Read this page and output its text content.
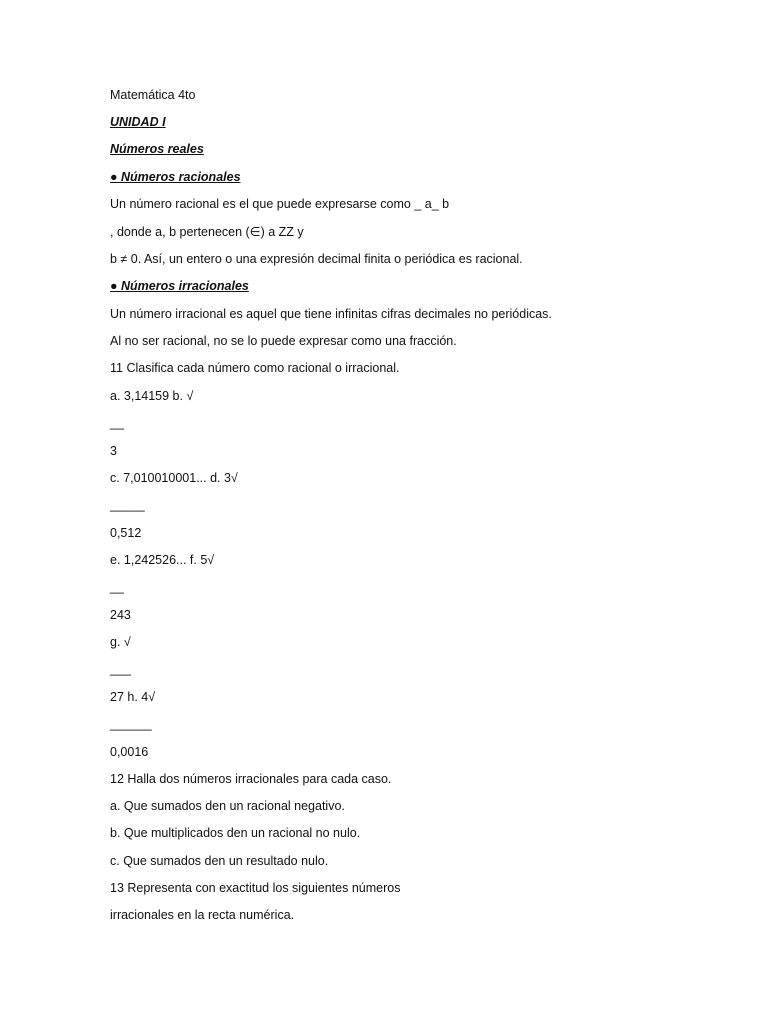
Matemática 4to
UNIDAD I
Números reales
● Números racionales
Un número racional es el que puede expresarse como _ a_ b
, donde a, b pertenecen (∈) a ZZ y
b ≠ 0. Así, un entero o una expresión decimal finita o periódica es racional.
● Números irracionales
Un número irracional es aquel que tiene infinitas cifras decimales no periódicas.
Al no ser racional, no se lo puede expresar como una fracción.
11 Clasifica cada número como racional o irracional.
a. 3,14159 b. √
__
3
c. 7,010010001... d. 3√
_____
0,512
e. 1,242526... f. 5√
__
243
g. √
___
27 h. 4√
______
0,0016
12 Halla dos números irracionales para cada caso.
a. Que sumados den un racional negativo.
b. Que multiplicados den un racional no nulo.
c. Que sumados den un resultado nulo.
13 Representa con exactitud los siguientes números
irracionales en la recta numérica.
